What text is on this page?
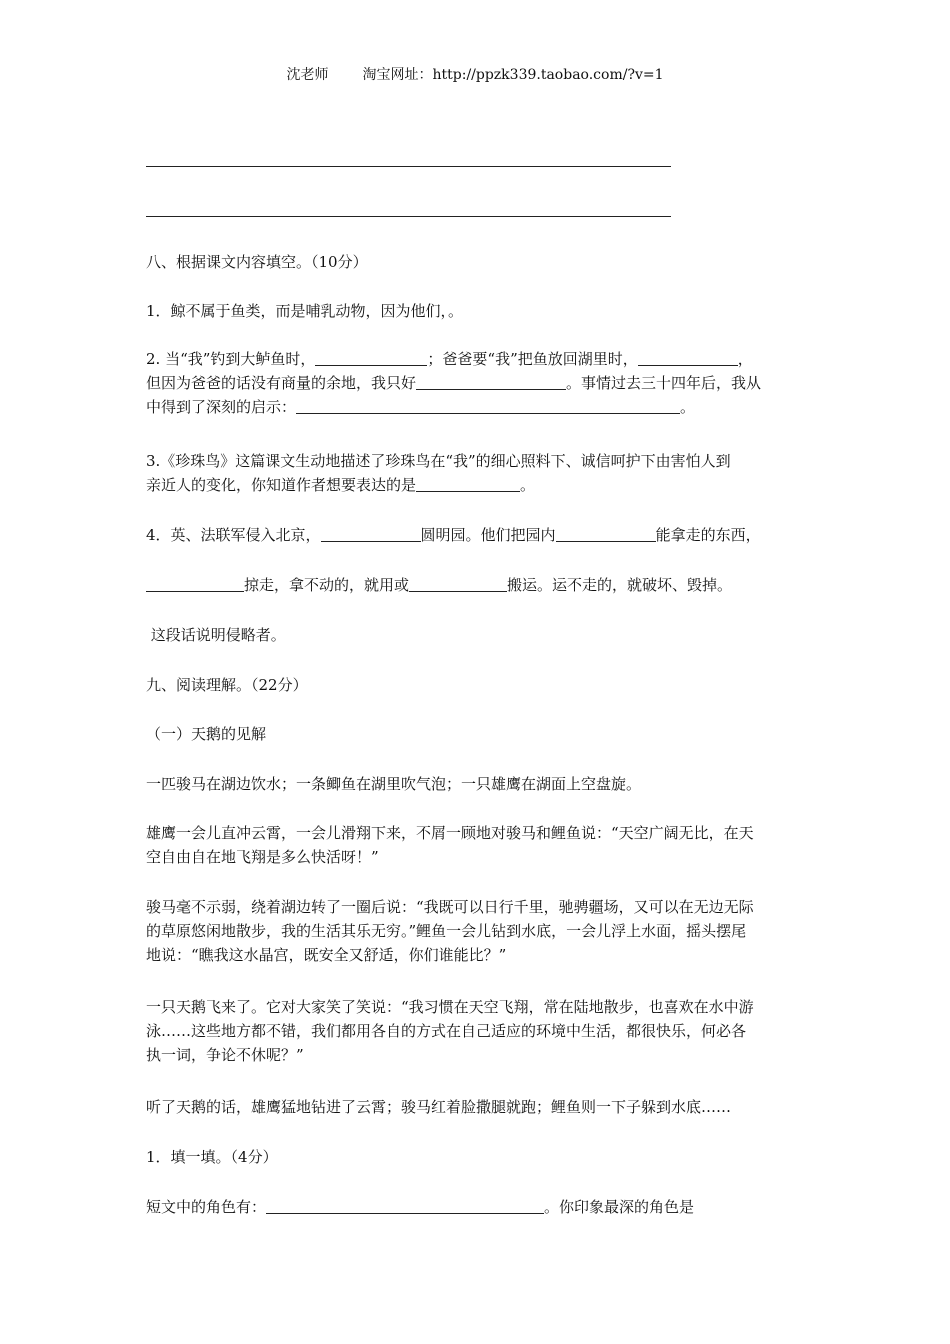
沈老师 淘宝网址：http://ppzk339.taobao.com/?v=1
八、根据课文内容填空。（10分）
1．鲸不属于鱼类，而是哺乳动物，因为他们，。
2. 当“我”钓到大鲈鱼时，	；爸爸要“我”把鱼放回湖里时，	，
但因为爸爸的话没有商量的余地，我只好	。事情过去三十四年后，我从
中得到了深刻的启示：	。
3.《珍珠鸟》这篇课文生动地描述了珍珠鸟在“我”的细心照料下、诚信呵护下由害怕人到
亲近人的变化，你知道作者想要表达的是	。
4．英、法联军侵入北京，	圆明园。他们把园内	能拿走的东西，
掠走，拿不动的，就用或	搬运。运不走的，就破坏、毁掉。
这段话说明侵略者。
九、阅读理解。（22分）
（一）天鹅的见解
一匹骏马在湖边饮水；一条鲫鱼在湖里吹气泡；一只雄鹰在湖面上空盘旋。
雄鹰一会儿直冲云霄，一会儿滑翔下来，不屑一顾地对骏马和鲤鱼说：“天空广阔无比，在天
空自由自在地飞翔是多么快活呀！”
骏马毫不示弱，绕着湖边转了一圈后说：“我既可以日行千里，驰骋疆场，又可以在无边无际
的草原悠闲地散步，我的生活其乐无穷。”鲤鱼一会儿钻到水底，一会儿浮上水面，摇头摆尾
地说：“瞧我这水晶宫，既安全又舒适，你们谁能比？”
一只天鹅飞来了。它对大家笑了笑说：“我习惯在天空飞翔，常在陆地散步，也喜欢在水中游
泳……这些地方都不错，我们都用各自的方式在自己适应的环境中生活，都很快乐，何必各
执一词，争论不休呢？”
听了天鹅的话，雄鹰猛地钻进了云霄；骏马红着脸撒腿就跑；鲤鱼则一下子躲到水底……
1．填一填。（4分）
短文中的角色有：	。你印象最深的角色是
